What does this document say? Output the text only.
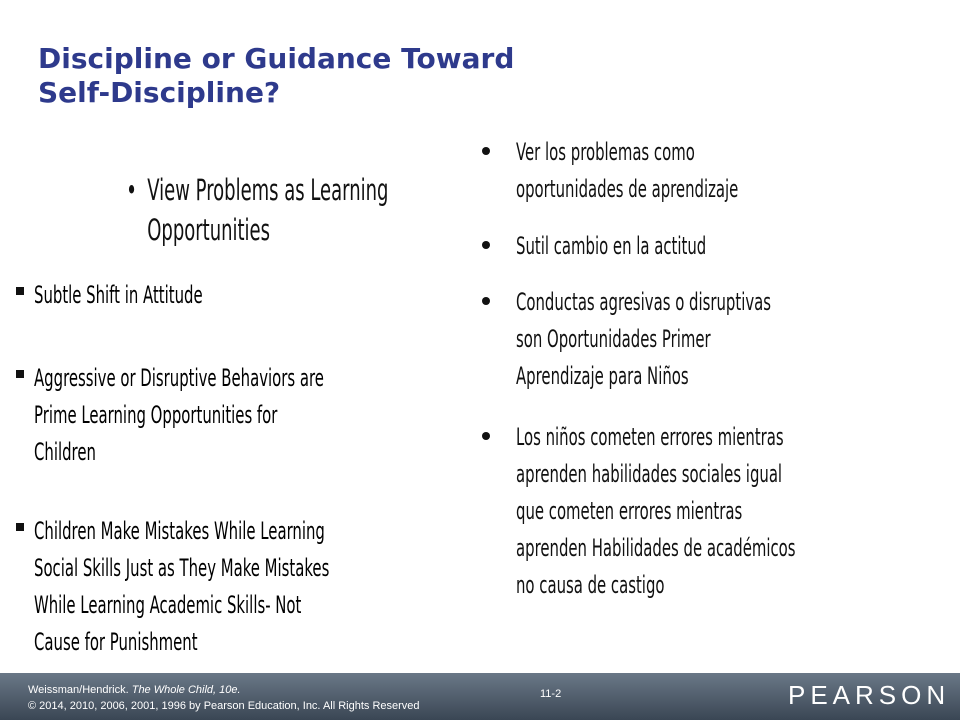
Discipline or Guidance Toward
Self-Discipline?
• View Problems as Learning
Opportunities
Subtle Shift in Attitude
Aggressive or Disruptive Behaviors are
Prime Learning Opportunities for
Children
Children Make Mistakes While Learning
Social Skills Just as They Make Mistakes
While Learning Academic Skills- Not
Cause for Punishment
Ver los problemas como
oportunidades de aprendizaje
Sutil cambio en la actitud
Conductas agresivas o disruptivas
son Oportunidades Primer
Aprendizaje para Niños
Los niños cometen errores mientras
aprenden habilidades sociales igual
que cometen errores mientras
aprenden Habilidades de académicos
no causa de castigo
Weissman/Hendrick. The Whole Child, 10e.
© 2014, 2010, 2006, 2001, 1996 by Pearson Education, Inc. All Rights Reserved
11-2	PEARSON
